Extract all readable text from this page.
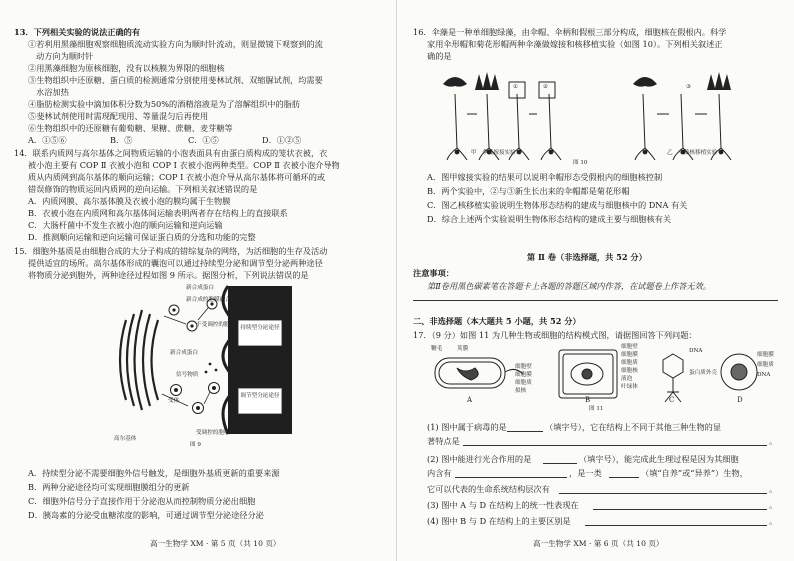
13．下列相关实验的说法正确的有
①若利用黑藻细胞观察细胞质流动实验方向为顺时针流动，则显微镜下观察到的流
动方向为顺时针
②用黑藻细胞为原核细胞，没有以核膜为界限的细胞核
③生物组织中还原糖、蛋白质的检测通常分别使用斐林试剂、双缩脲试剂，均需要
水浴加热
④脂肪检测实验中滴加体积分数为50%的酒精溶液是为了溶解组织中的脂肪
⑤斐林试剂使用时需现配现用、等量混匀后再使用
⑥生物组织中的还原糖有葡萄糖、果糖、蔗糖、麦芽糖等
A．①⑤⑥	B．⑤	C．①⑤	D．①②⑤
14．联系内质网与高尔基体之间物质运输的小泡表面具有由蛋白质构成的笼状衣被，衣
被小泡主要有 COP Ⅱ 衣被小泡和 COP Ⅰ 衣被小泡两种类型。COP Ⅱ 衣被小泡介导物
质从内质网到高尔基体的顺向运输；COP Ⅰ 衣被小泡介导从高尔基体将可循环的或
错误修饰的物质运回内质网的逆向运输。下列相关叙述错误的是
A．内质网膜、高尔基体膜及衣被小泡的膜均属于生物膜
B．衣被小泡在内质网和高尔基体间运输表明两者存在结构上的直接联系
C．大肠杆菌中不发生衣被小泡的顺向运输和逆向运输
D．推测顺向运输和逆向运输可保证蛋白质的分选和功能的完整
15．细胞外基质是由细胞合成的大分子构成的错综复杂的网络，为活细胞的生存及活动
提供适宜的场所。高尔基体形成的囊泡可以通过持续型分泌和调节型分泌两种途径
将物质分泌到胞外，两种途径过程如图 9 所示。据图分析，下列说法错误的是
新合成蛋白
新合成的胞膜融合
不受调控的胞吐
新合成蛋白
信号物质
受体
受调控的胞吐
持续型分泌途径
调节型分泌途径
高尔基体
图 9
A．持续型分泌不需要细胞外信号触发，是细胞外基质更新的重要来源
B．两种分泌途径均可实现细胞膜组分的更新
C．细胞外信号分子直接作用于分泌泡从而控制物质分泌出细胞
D．胰岛素的分泌受血糖浓度的影响，可通过调节型分泌途径分泌
高一生物学 XM · 第 5 页（共 10 页）
16．伞藻是一种单细胞绿藻，由伞帽、伞柄和假根三部分构成，细胞核在假根内。科学
家用伞形帽和菊花形帽两种伞藻做嫁接和核移植实验（如图 10）。下列相关叙述正
确的是
①	②	③
甲　伞藻嫁接实验	乙　伞藻核移植实验
图 10
A．图甲嫁接实验的结果可以说明伞帽形态受假根内的细胞核控制
B．两个实验中，②与③新生长出来的伞帽都是菊花形帽
C．图乙核移植实验说明生物体形态结构的建成与细胞核中的 DNA 有关
D．综合上述两个实验说明生物体形态结构的建成主要与细胞核有关
第 Ⅱ 卷（非选择题，共 52 分）
注意事项：
第Ⅱ卷用黑色碳素笔在答题卡上各题的答题区域内作答，在试题卷上作答无效。
二、非选择题（本大题共 5 小题，共 52 分）
17．（9 分）如图 11 为几种生物或细胞的结构模式图，请据图回答下列问题：
鞭毛	荚膜
细胞壁
细胞膜
细胞质
拟核
细胞壁
细胞膜
细胞质
细胞核
液泡
叶绿体
DNA
蛋白质外壳
细胞膜
细胞质
DNA
A	B	C	D
图 11
(1) 图中属于病毒的是	（填字号），它在结构上不同于其他三种生物的显
著特点是	。
(2) 图中能进行光合作用的是	（填字号），能完成此生理过程是因为其细胞
内含有	，是一类	（填“自养”或“异养”）生物，
它可以代表的生命系统结构层次有	。
(3) 图中 A 与 D 在结构上的统一性表现在	。
(4) 图中 B 与 D 在结构上的主要区别是	。
高一生物学 XM · 第 6 页（共 10 页）
